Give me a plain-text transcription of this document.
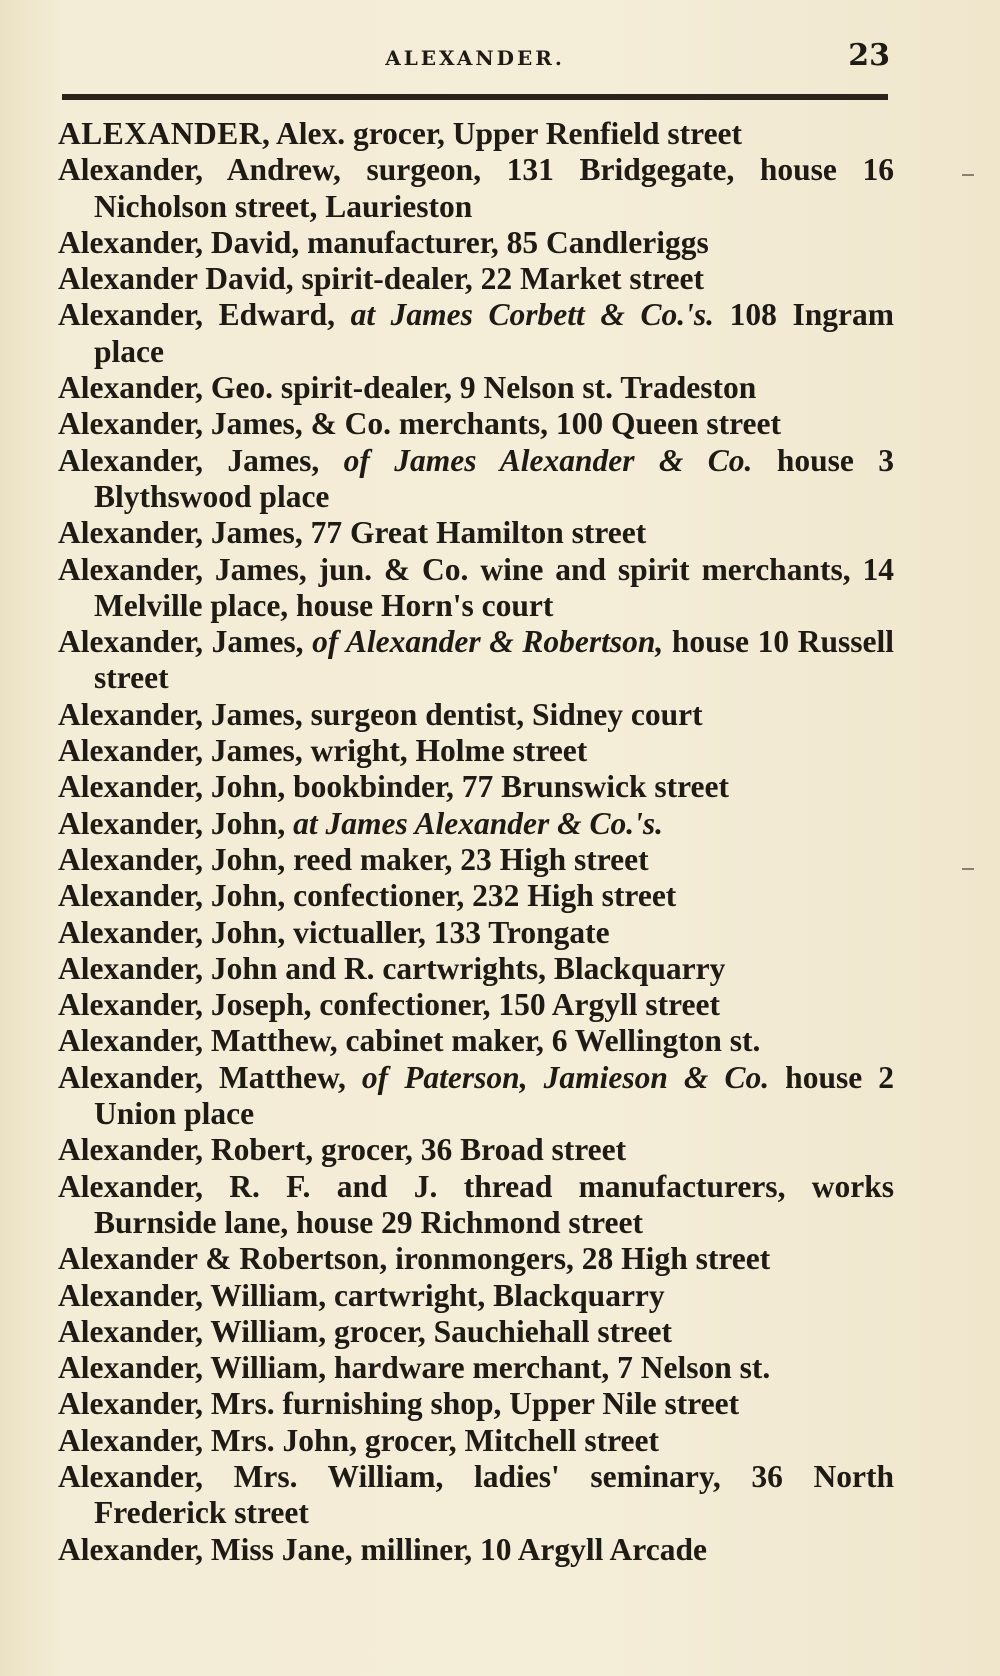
ALEXANDER.	23
ALEXANDER, Alex. grocer, Upper Renfield street
Alexander, Andrew, surgeon, 131 Bridgegate, house 16 Nicholson street, Laurieston
Alexander, David, manufacturer, 85 Candleriggs
Alexander David, spirit-dealer, 22 Market street
Alexander, Edward, at James Corbett & Co.'s. 108 Ingram place
Alexander, Geo. spirit-dealer, 9 Nelson st. Tradeston
Alexander, James, & Co. merchants, 100 Queen street
Alexander, James, of James Alexander & Co. house 3 Blythswood place
Alexander, James, 77 Great Hamilton street
Alexander, James, jun. & Co. wine and spirit merchants, 14 Melville place, house Horn's court
Alexander, James, of Alexander & Robertson, house 10 Russell street
Alexander, James, surgeon dentist, Sidney court
Alexander, James, wright, Holme street
Alexander, John, bookbinder, 77 Brunswick street
Alexander, John, at James Alexander & Co.'s.
Alexander, John, reed maker, 23 High street
Alexander, John, confectioner, 232 High street
Alexander, John, victualler, 133 Trongate
Alexander, John and R. cartwrights, Blackquarry
Alexander, Joseph, confectioner, 150 Argyll street
Alexander, Matthew, cabinet maker, 6 Wellington st.
Alexander, Matthew, of Paterson, Jamieson & Co. house 2 Union place
Alexander, Robert, grocer, 36 Broad street
Alexander, R. F. and J. thread manufacturers, works Burnside lane, house 29 Richmond street
Alexander & Robertson, ironmongers, 28 High street
Alexander, William, cartwright, Blackquarry
Alexander, William, grocer, Sauchiehall street
Alexander, William, hardware merchant, 7 Nelson st.
Alexander, Mrs. furnishing shop, Upper Nile street
Alexander, Mrs. John, grocer, Mitchell street
Alexander, Mrs. William, ladies' seminary, 36 North Frederick street
Alexander, Miss Jane, milliner, 10 Argyll Arcade
